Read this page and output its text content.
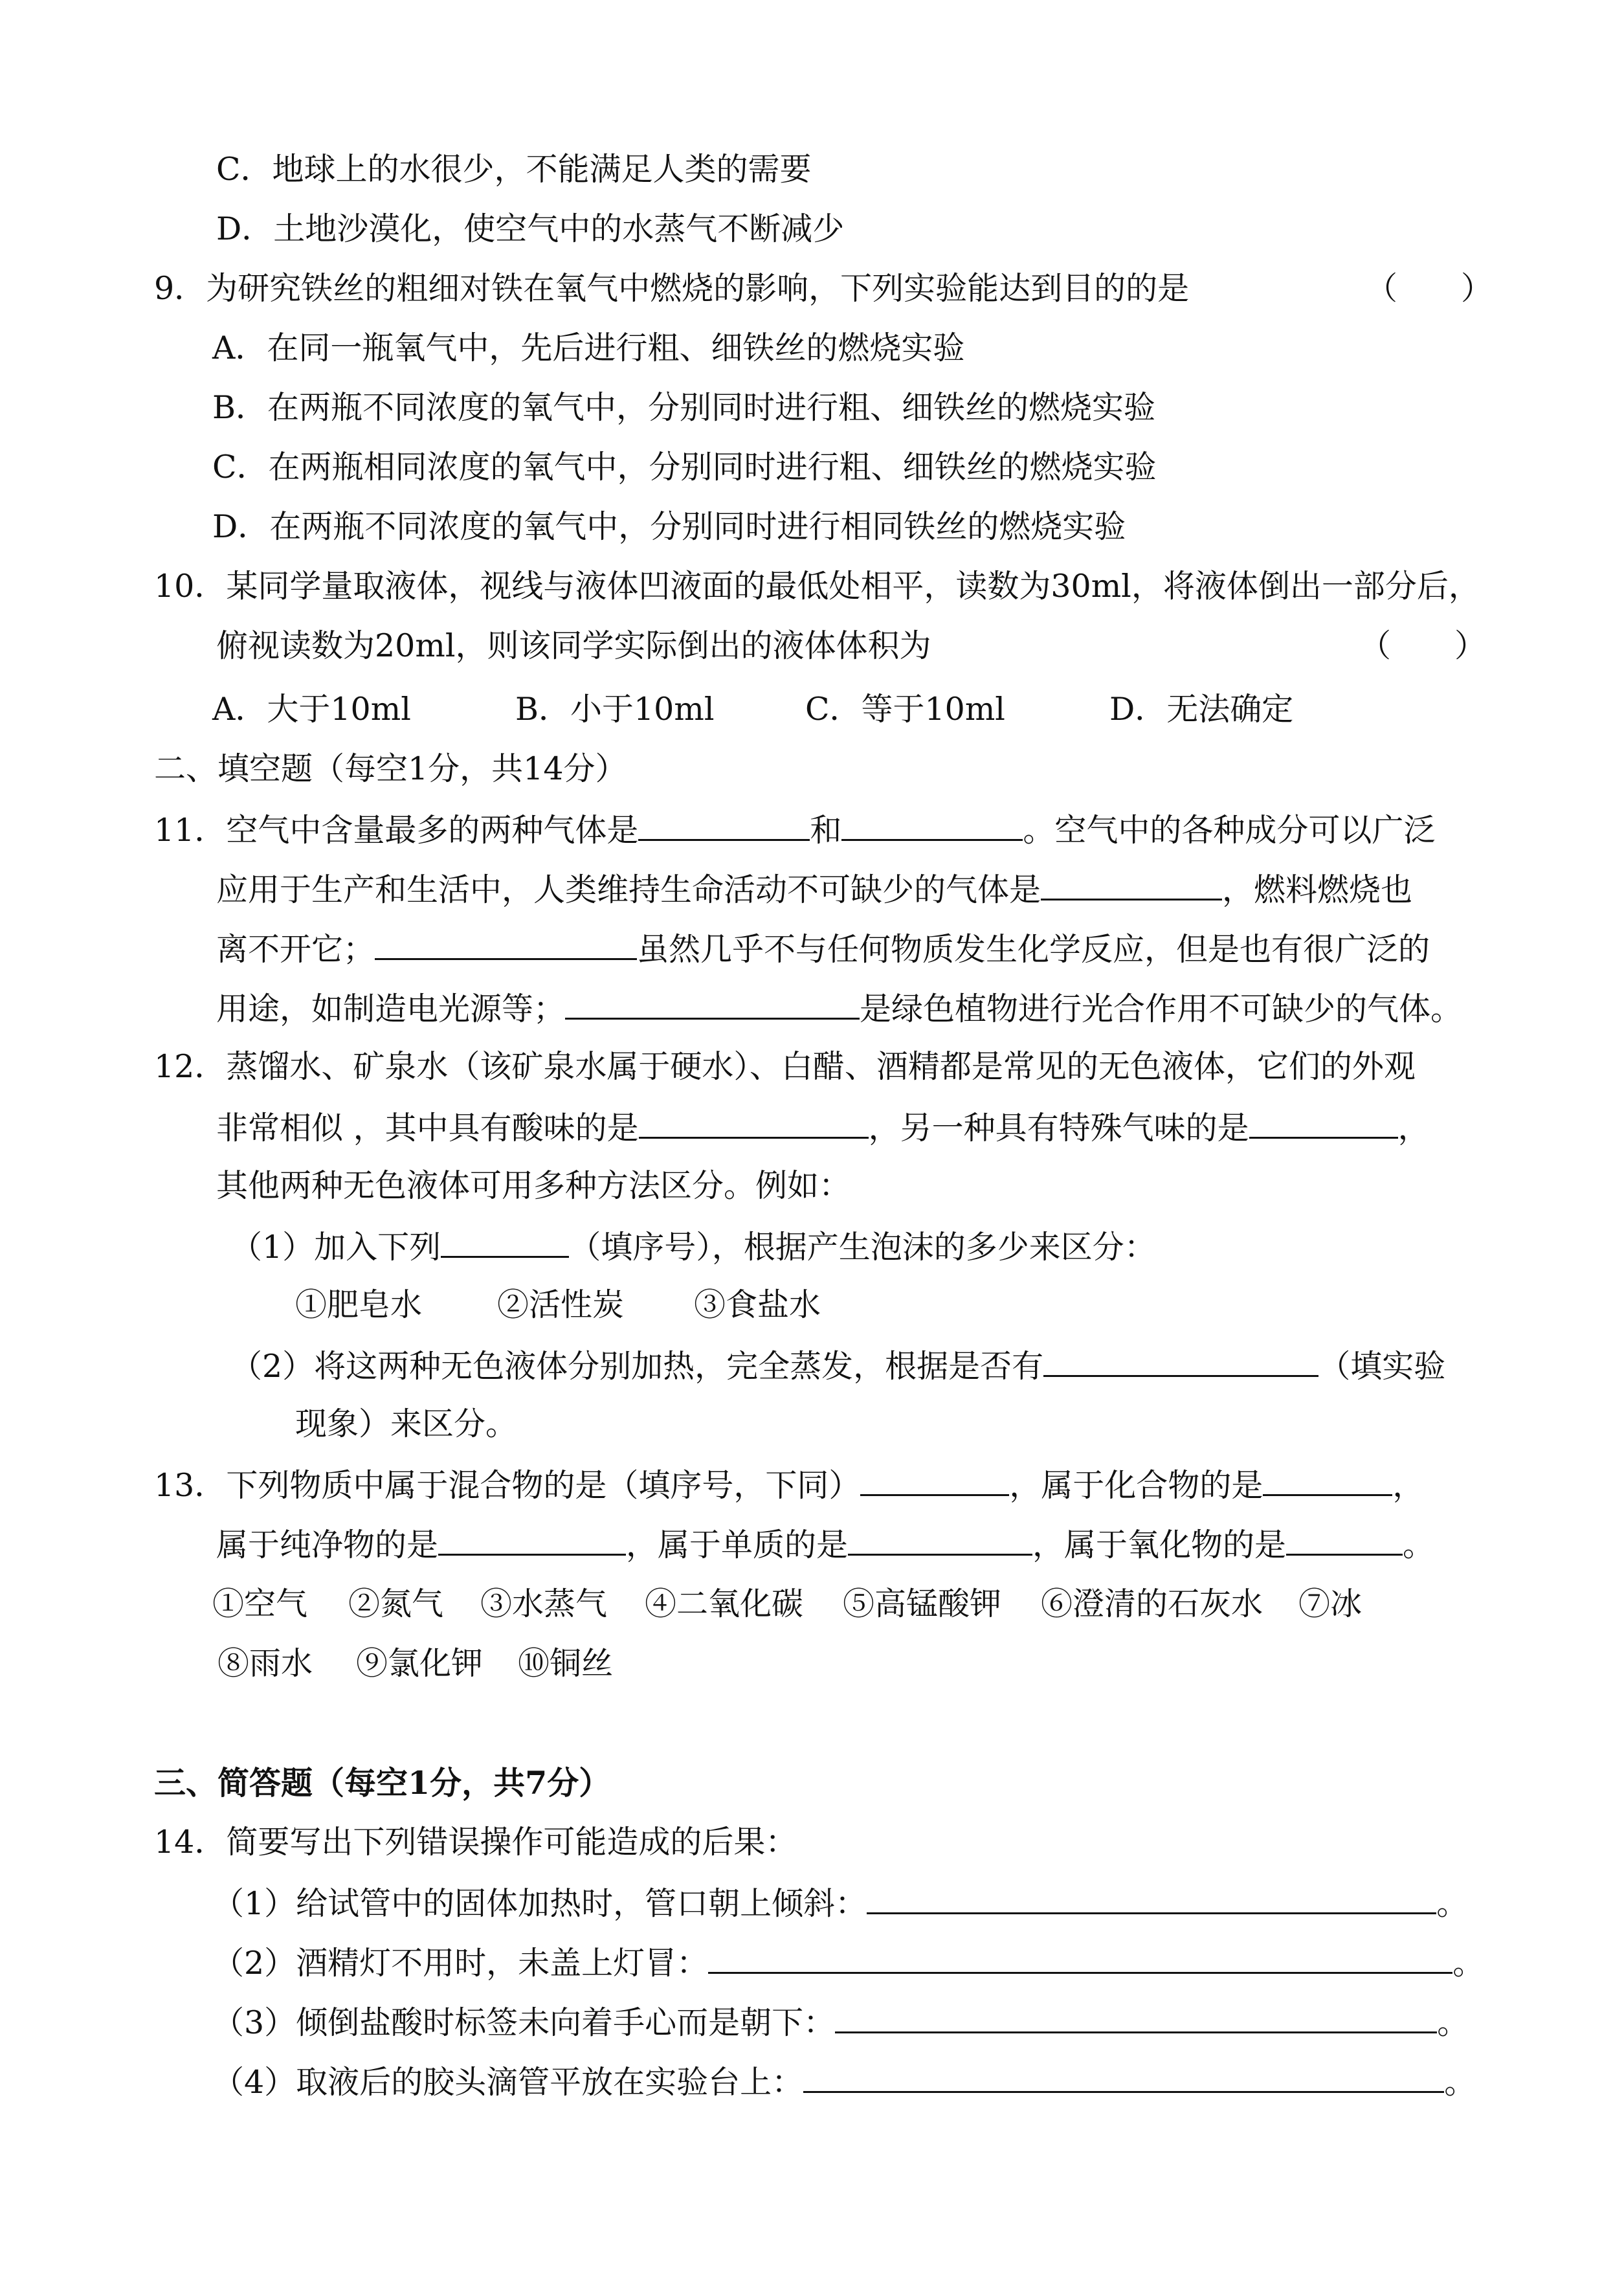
C．地球上的水很少，不能满足人类的需要
D．土地沙漠化，使空气中的水蒸气不断减少
9．为研究铁丝的粗细对铁在氧气中燃烧的影响，下列实验能达到目的的是	（　　）
A．在同一瓶氧气中，先后进行粗、细铁丝的燃烧实验
B．在两瓶不同浓度的氧气中，分别同时进行粗、细铁丝的燃烧实验
C．在两瓶相同浓度的氧气中，分别同时进行粗、细铁丝的燃烧实验
D．在两瓶不同浓度的氧气中，分别同时进行相同铁丝的燃烧实验
10．某同学量取液体，视线与液体凹液面的最低处相平，读数为30ml，将液体倒出一部分后，
俯视读数为20ml，则该同学实际倒出的液体体积为	（　　）
A．大于10ml	B．小于10ml	C．等于10ml	D．无法确定
二、填空题（每空1分，共14分）
11．空气中含量最多的两种气体是	和	。空气中的各种成分可以广泛
应用于生产和生活中，人类维持生命活动不可缺少的气体是	，燃料燃烧也
离不开它；	虽然几乎不与任何物质发生化学反应，但是也有很广泛的
用途，如制造电光源等；	是绿色植物进行光合作用不可缺少的气体。
12．蒸馏水、矿泉水（该矿泉水属于硬水）、白醋、酒精都是常见的无色液体，它们的外观
非常相似 ，其中具有酸味的是	，另一种具有特殊气味的是	，
其他两种无色液体可用多种方法区分。例如：
（1）加入下列	（填序号），根据产生泡沫的多少来区分：
①肥皂水 ②活性炭 ③食盐水
（2）将这两种无色液体分别加热，完全蒸发，根据是否有	（填实验
现象）来区分。
13．下列物质中属于混合物的是（填序号，下同）	，属于化合物的是	，
属于纯净物的是	，属于单质的是	，属于氧化物的是	。
①空气 ②氮气 ③水蒸气 ④二氧化碳 ⑤高锰酸钾 ⑥澄清的石灰水 ⑦冰
⑧雨水 ⑨氯化钾 ⑩铜丝
三、简答题（每空1分，共7分）
14．简要写出下列错误操作可能造成的后果：
（1）给试管中的固体加热时，管口朝上倾斜：	。
（2）酒精灯不用时，未盖上灯冒：	。
（3）倾倒盐酸时标签未向着手心而是朝下：	。
（4）取液后的胶头滴管平放在实验台上：	。
